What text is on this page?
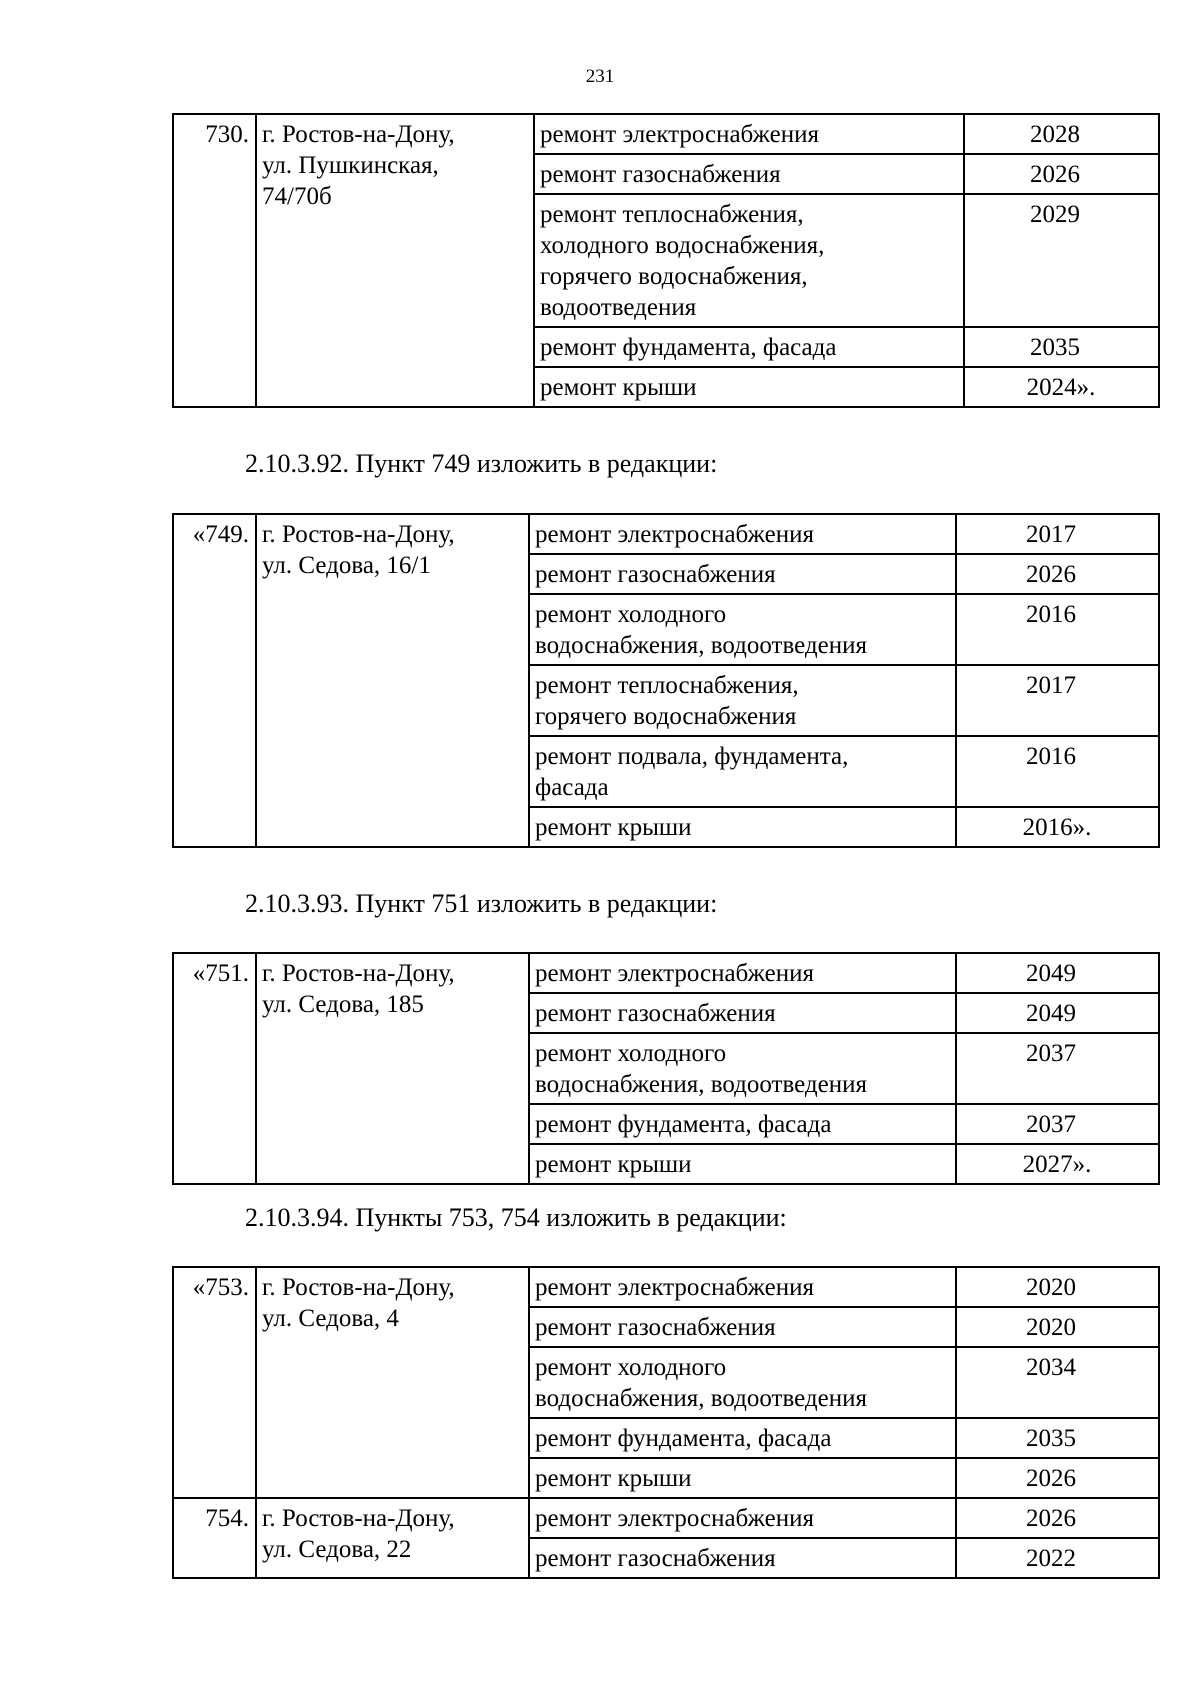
231
730.	г. Ростов-на-Дону,
ул. Пушкинская,
74/70б	ремонт электроснабжения	2028

		ремонт газоснабжения	2026

		ремонт теплоснабжения,
холодного водоснабжения,
горячего водоснабжения,
водоотведения	2029

		ремонт фундамента, фасада	2035

		ремонт крыши	2024».
2.10.3.92. Пункт 749 изложить в редакции:
«749.	г. Ростов-на-Дону,
ул. Седова, 16/1	ремонт электроснабжения	2017

		ремонт газоснабжения	2026

		ремонт холодного
водоснабжения, водоотведения	2016

		ремонт теплоснабжения,
горячего водоснабжения	2017

		ремонт подвала, фундамента,
фасада	2016

		ремонт крыши	2016».
2.10.3.93. Пункт 751 изложить в редакции:
«751.	г. Ростов-на-Дону,
ул. Седова, 185	ремонт электроснабжения	2049

		ремонт газоснабжения	2049

		ремонт холодного
водоснабжения, водоотведения	2037

		ремонт фундамента, фасада	2037

		ремонт крыши	2027».
2.10.3.94. Пункты 753, 754 изложить в редакции:
«753.	г. Ростов-на-Дону,
ул. Седова, 4	ремонт электроснабжения	2020

		ремонт газоснабжения	2020

		ремонт холодного
водоснабжения, водоотведения	2034

		ремонт фундамента, фасада	2035

		ремонт крыши	2026
754.	г. Ростов-на-Дону,
ул. Седова, 22	ремонт электроснабжения	2026

		ремонт газоснабжения	2022
